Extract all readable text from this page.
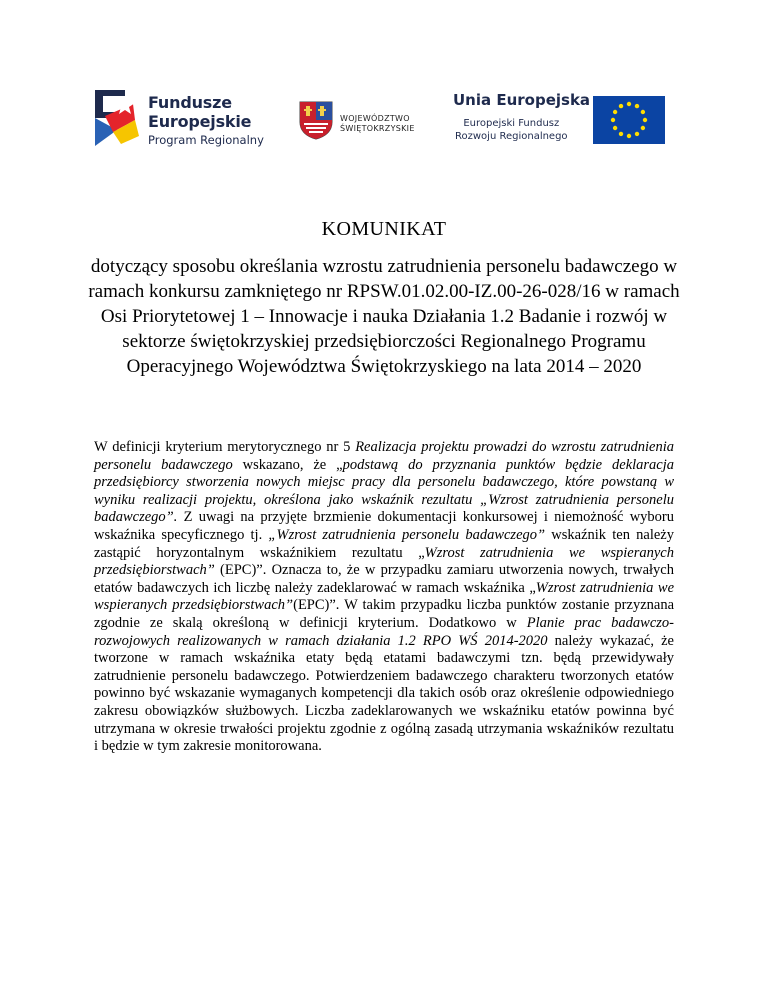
Fundusze
Europejskie
Program Regionalny
WOJEWÓDZTWO
ŚWIĘTOKRZYSKIE
Unia Europejska
Europejski Fundusz
Rozwoju Regionalnego
KOMUNIKAT
dotyczący sposobu określania wzrostu zatrudnienia personelu badawczego w
ramach konkursu zamkniętego nr RPSW.01.02.00-IZ.00-26-028/16 w ramach
Osi Priorytetowej 1 – Innowacje i nauka Działania 1.2 Badanie i rozwój w
sektorze świętokrzyskiej przedsiębiorczości Regionalnego Programu
Operacyjnego Województwa Świętokrzyskiego na lata 2014 – 2020

W definicji kryterium merytorycznego nr 5 Realizacja projektu prowadzi do wzrostu zatrudnienia personelu badawczego wskazano, że „podstawą do przyznania punktów będzie deklaracja przedsiębiorcy stworzenia nowych miejsc pracy dla personelu badawczego, które powstaną w wyniku realizacji projektu, określona jako wskaźnik rezultatu „Wzrost zatrudnienia personelu badawczego”. Z uwagi na przyjęte brzmienie dokumentacji konkursowej i niemożność wyboru wskaźnika specyficznego tj. „Wzrost zatrudnienia personelu badawczego” wskaźnik ten należy zastąpić horyzontalnym wskaźnikiem rezultatu „Wzrost zatrudnienia we wspieranych przedsiębiorstwach” (EPC)”. Oznacza to, że w przypadku zamiaru utworzenia nowych, trwałych etatów badawczych ich liczbę należy zadeklarować w ramach wskaźnika „Wzrost zatrudnienia we wspieranych przedsiębiorstwach”(EPC)”. W takim przypadku liczba punktów zostanie przyznana zgodnie ze skalą określoną w definicji kryterium. Dodatkowo w Planie prac badawczo-rozwojowych realizowanych w ramach działania 1.2 RPO WŚ 2014-2020 należy wykazać, że tworzone w ramach wskaźnika etaty będą etatami badawczymi tzn. będą przewidywały zatrudnienie personelu badawczego. Potwierdzeniem badawczego charakteru tworzonych etatów powinno być wskazanie wymaganych kompetencji dla takich osób oraz określenie odpowiedniego zakresu obowiązków służbowych. Liczba zadeklarowanych we wskaźniku etatów powinna być utrzymana w okresie trwałości projektu zgodnie z ogólną zasadą utrzymania wskaźników rezultatu i będzie w tym zakresie monitorowana.
